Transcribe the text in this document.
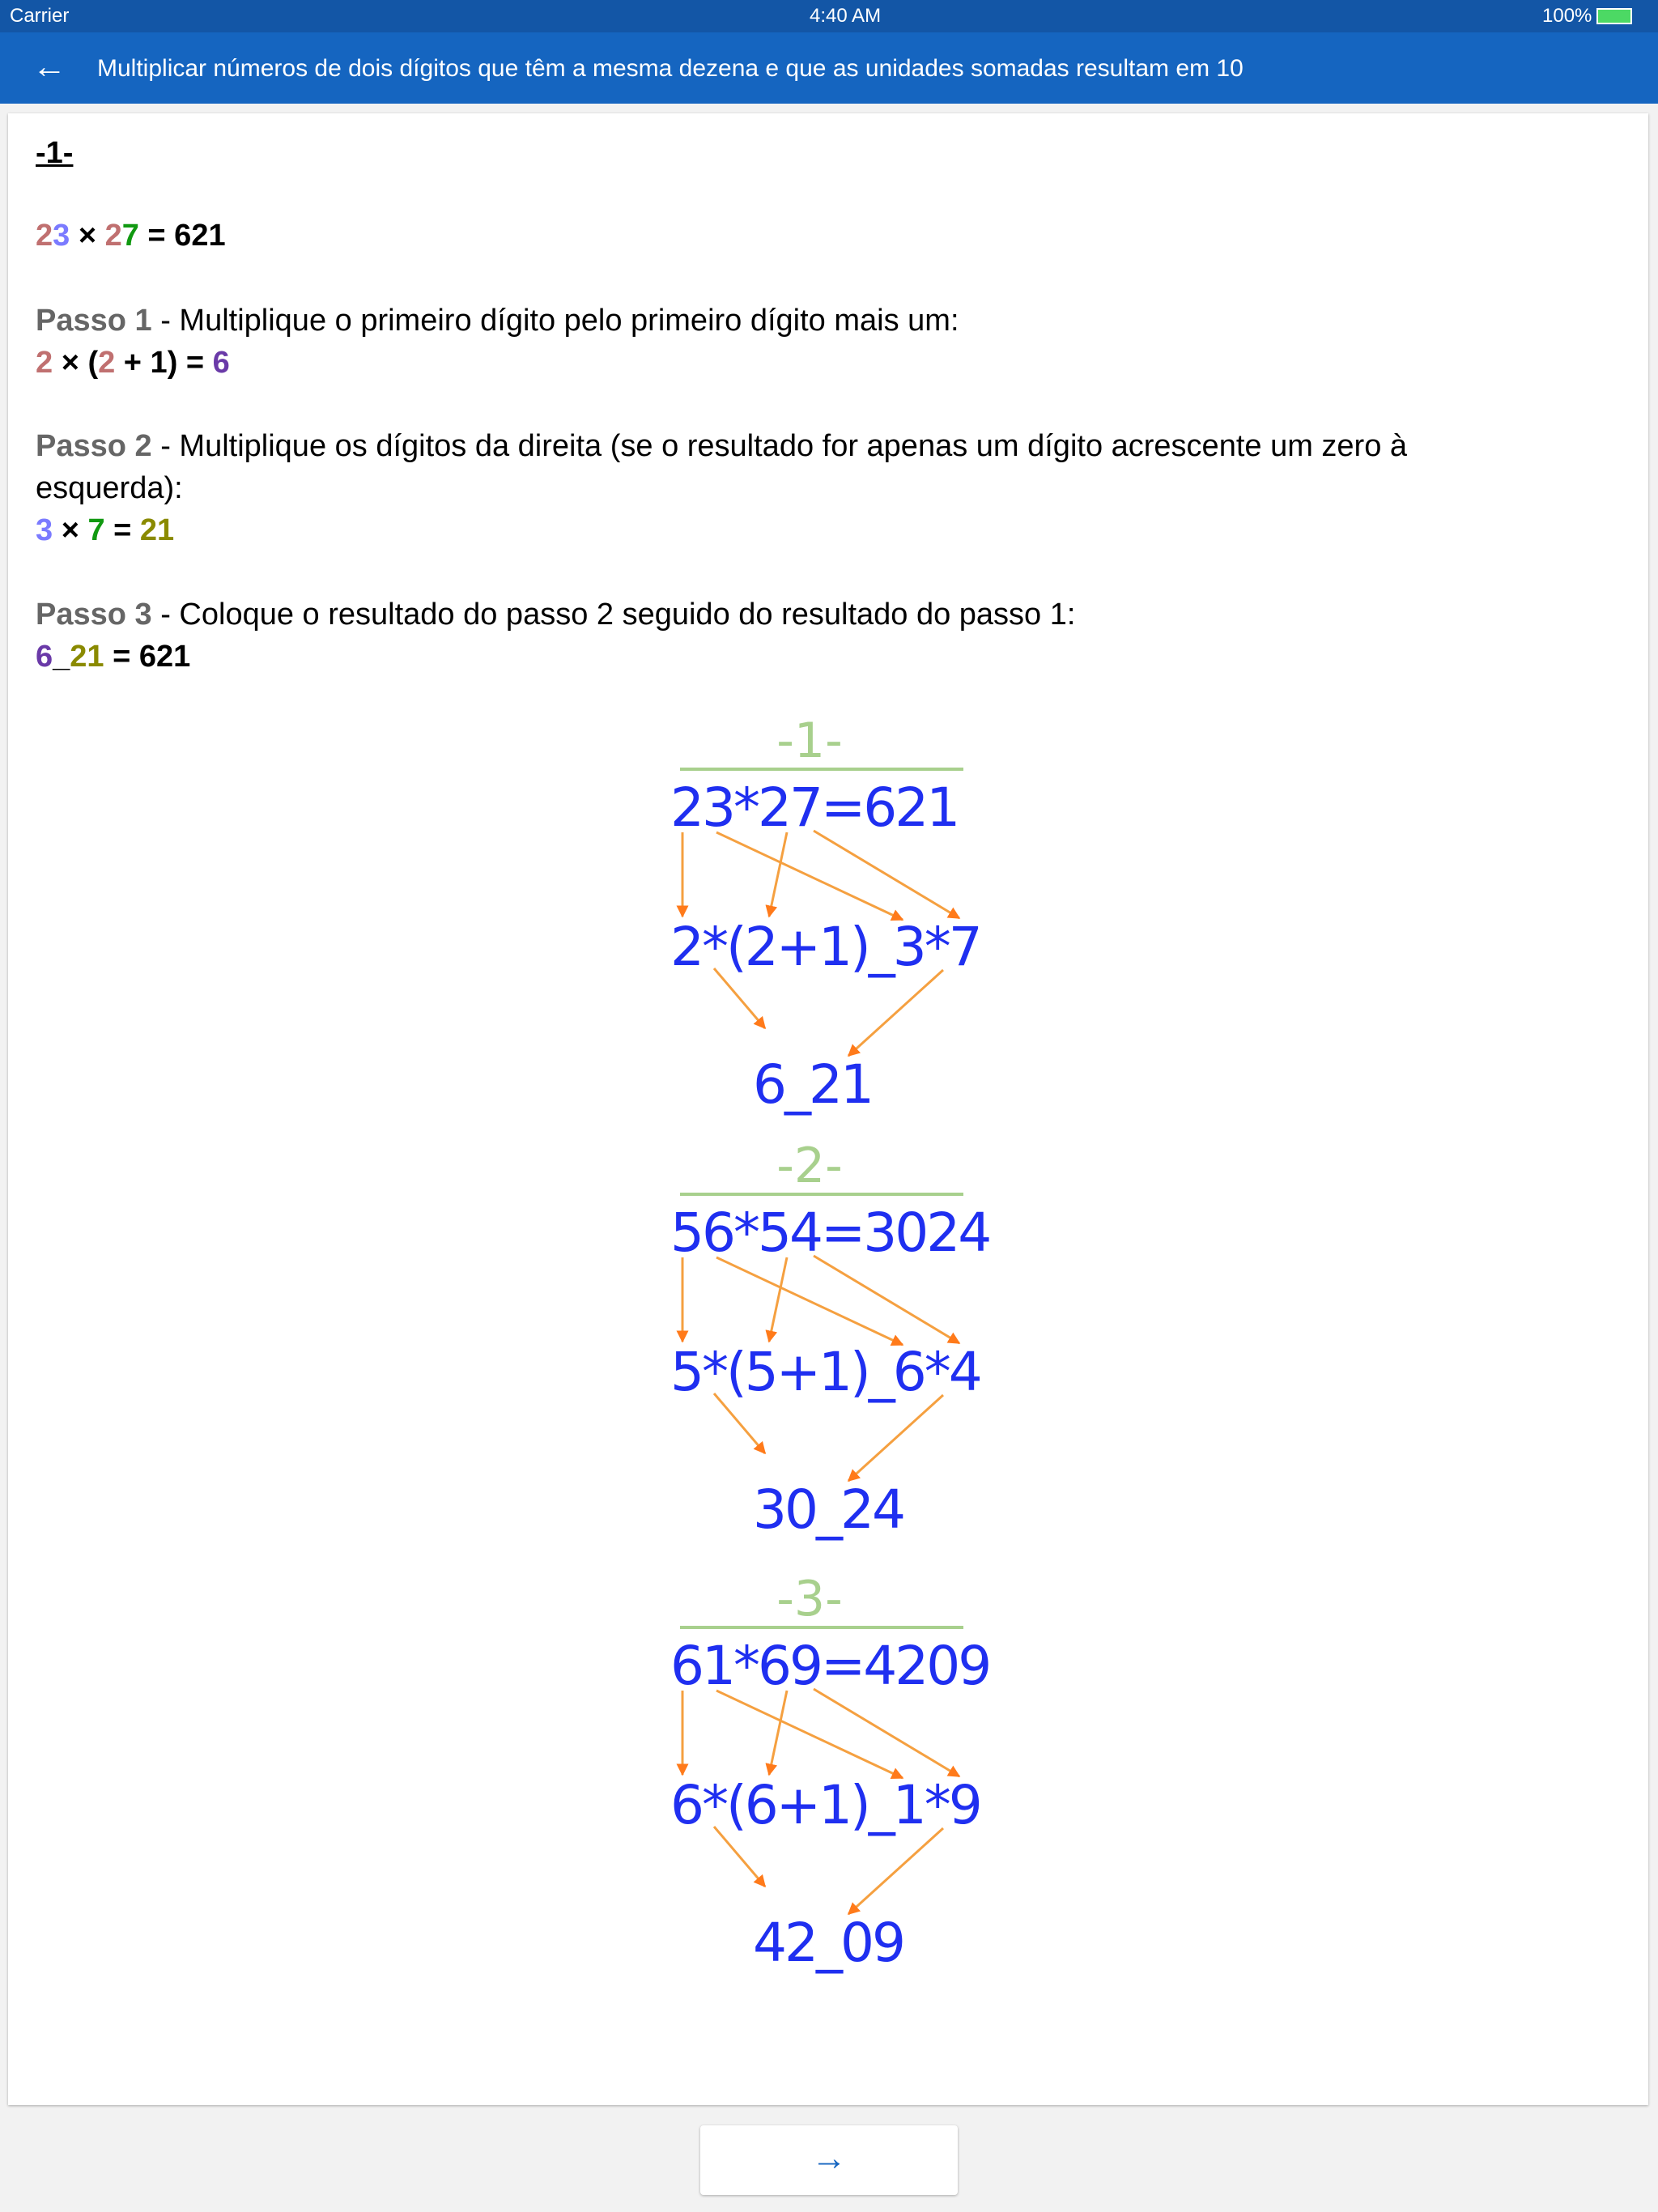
Carrier	4:40 AM	100%
← Multiplicar números de dois dígitos que têm a mesma dezena e que as unidades somadas resultam em 10
-1-
23 × 27 = 621
Passo 1 - Multiplique o primeiro dígito pelo primeiro dígito mais um:
2 × (2 + 1) = 6
Passo 2 - Multiplique os dígitos da direita (se o resultado for apenas um dígito acrescente um zero à
esquerda):
3 × 7 = 21
Passo 3 - Coloque o resultado do passo 2 seguido do resultado do passo 1:
6_21 = 621
-1-
23*27=621
2*(2+1)_3*7
6_21
-2-
56*54=3024
5*(5+1)_6*4
30_24
-3-
61*69=4209
6*(6+1)_1*9
42_09
→
